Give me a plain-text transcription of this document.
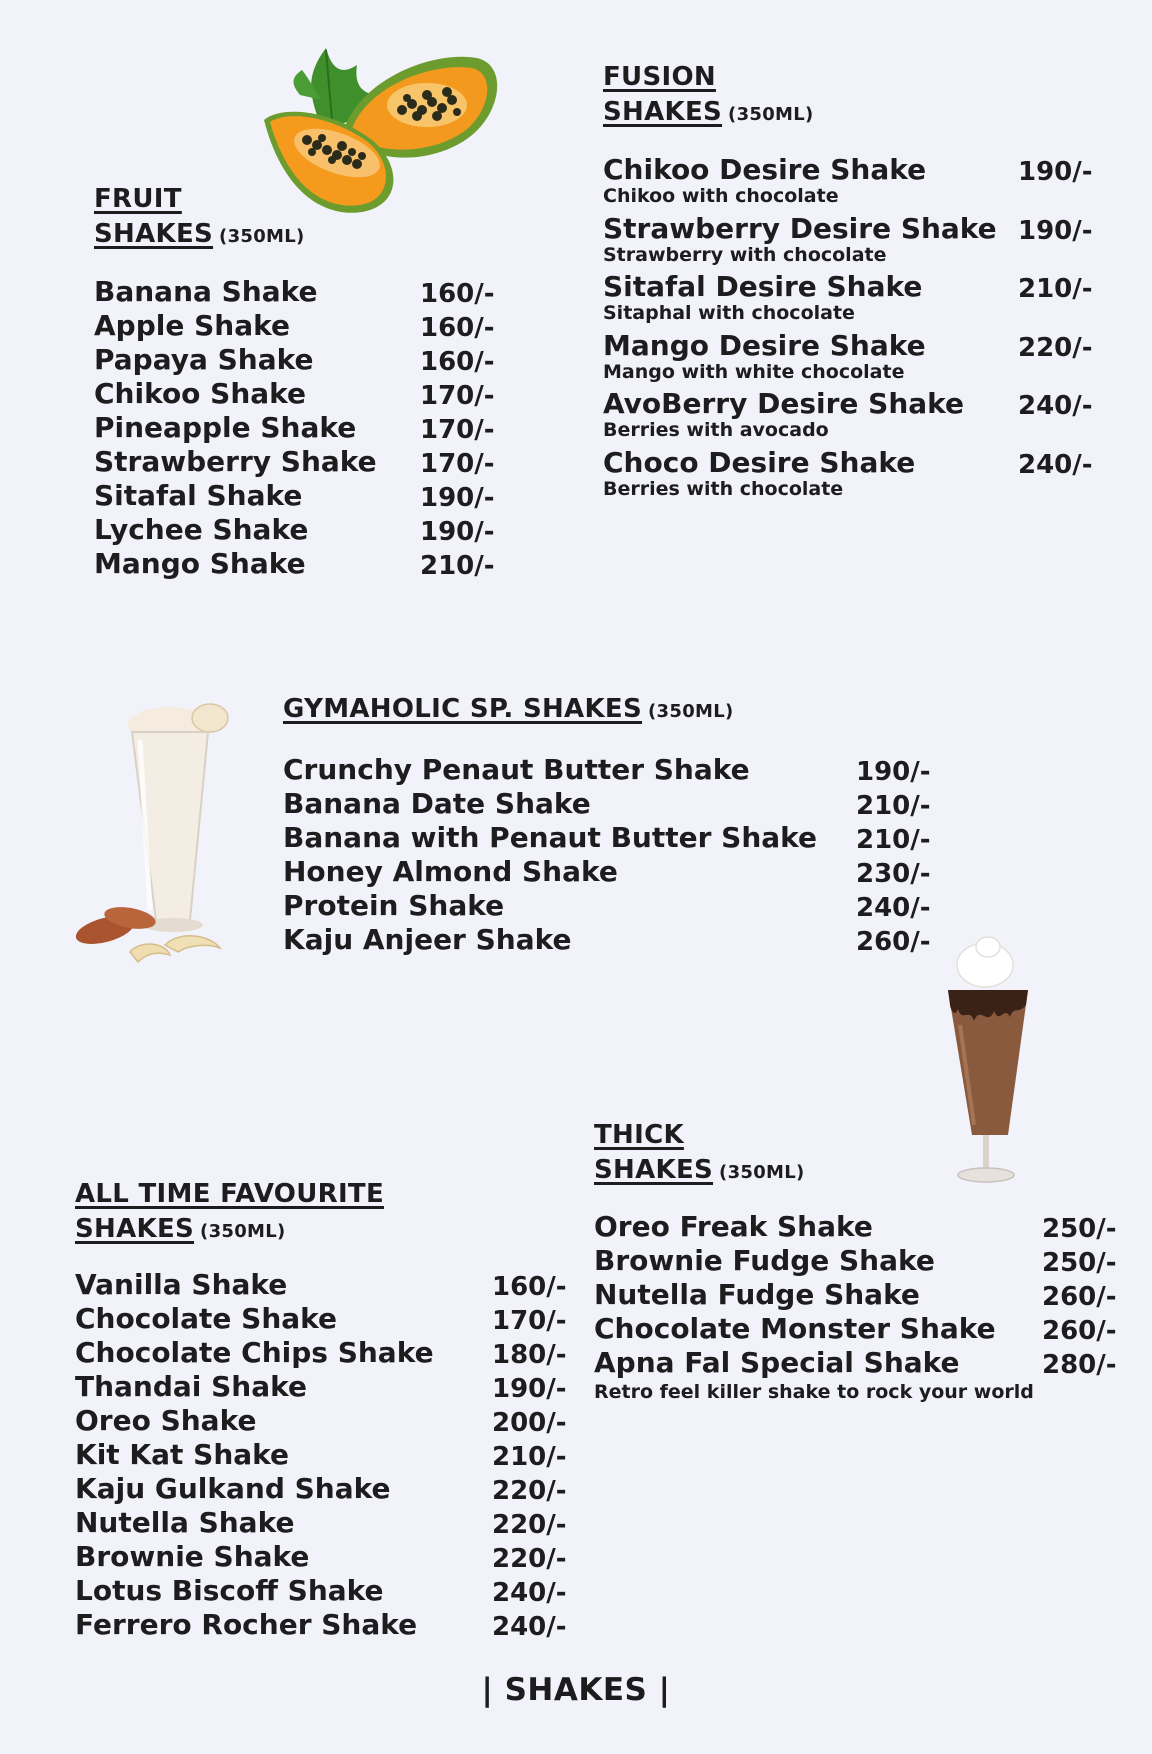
FRUIT
SHAKES (350ML)
Banana Shake	160/-
Apple Shake	160/-
Papaya Shake	160/-
Chikoo Shake	170/-
Pineapple Shake 170/-
Strawberry Shake 170/-
Sitafal Shake	190/-
Lychee Shake	190/-
Mango Shake	210/-
FUSION
SHAKES (350ML)
Chikoo Desire Shake	190/-
Chikoo with chocolate
Strawberry Desire Shake 190/-
Strawberry with chocolate
Sitafal Desire Shake	210/-
Sitaphal with chocolate
Mango Desire Shake	220/-
Mango with white chocolate
AvoBerry Desire Shake 240/-
Berries with avocado
Choco Desire Shake	240/-
Berries with chocolate
GYMAHOLIC SP. SHAKES (350ML)
Crunchy Penaut Butter Shake	190/-
Banana Date Shake	210/-
Banana with Penaut Butter Shake 210/-
Honey Almond Shake	230/-
Protein Shake	240/-
Kaju Anjeer Shake	260/-
THICK
SHAKES (350ML)
Oreo Freak Shake	250/-
Brownie Fudge Shake	250/-
Nutella Fudge Shake	260/-
Chocolate Monster Shake 260/-
Apna Fal Special Shake	280/-
Retro feel killer shake to rock your world
ALL TIME FAVOURITE
SHAKES (350ML)
Vanilla Shake	160/-
Chocolate Shake	170/-
Chocolate Chips Shake 180/-
Thandai Shake	190/-
Oreo Shake	200/-
Kit Kat Shake	210/-
Kaju Gulkand Shake	220/-
Nutella Shake	220/-
Brownie Shake	220/-
Lotus Biscoff Shake	240/-
Ferrero Rocher Shake	240/-
| SHAKES |
